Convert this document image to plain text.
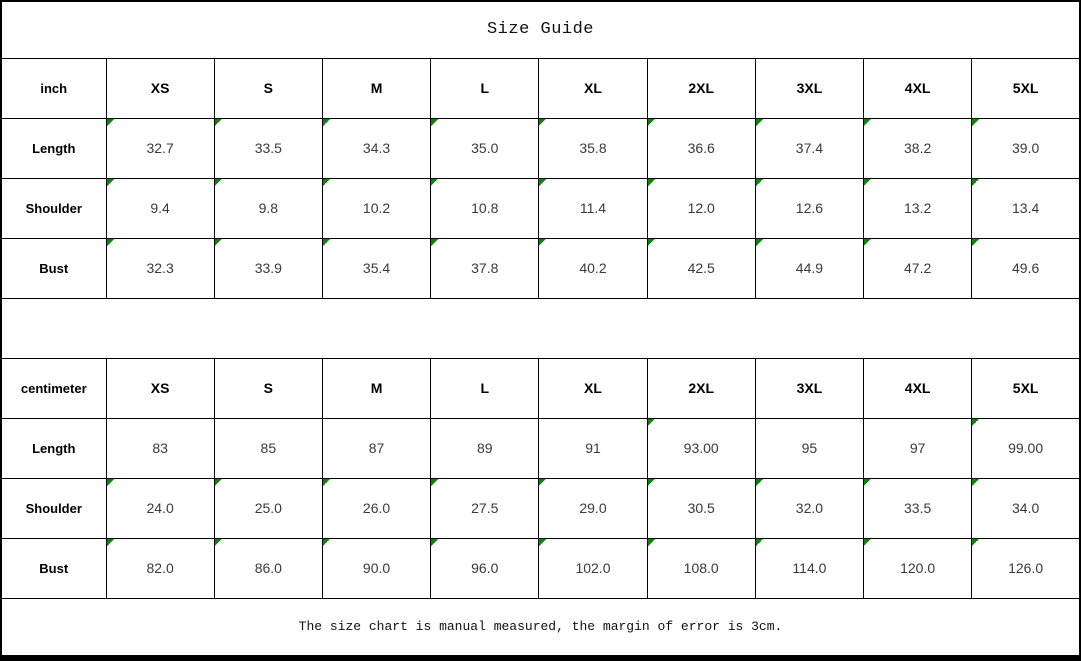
Size Guide									
inch	XS	S	M	L	XL	2XL	3XL	4XL	5XL
Length	32.7	33.5	34.3	35.0	35.8	36.6	37.4	38.2	39.0
Shoulder	9.4	9.8	10.2	10.8	11.4	12.0	12.6	13.2	13.4
Bust	32.3	33.9	35.4	37.8	40.2	42.5	44.9	47.2	49.6

centimeter	XS	S	M	L	XL	2XL	3XL	4XL	5XL
Length	83	85	87	89	91	93.00	95	97	99.00
Shoulder	24.0	25.0	26.0	27.5	29.0	30.5	32.0	33.5	34.0
Bust	82.0	86.0	90.0	96.0	102.0	108.0	114.0	120.0	126.0
The size chart is manual measured, the margin of error is 3cm.									
